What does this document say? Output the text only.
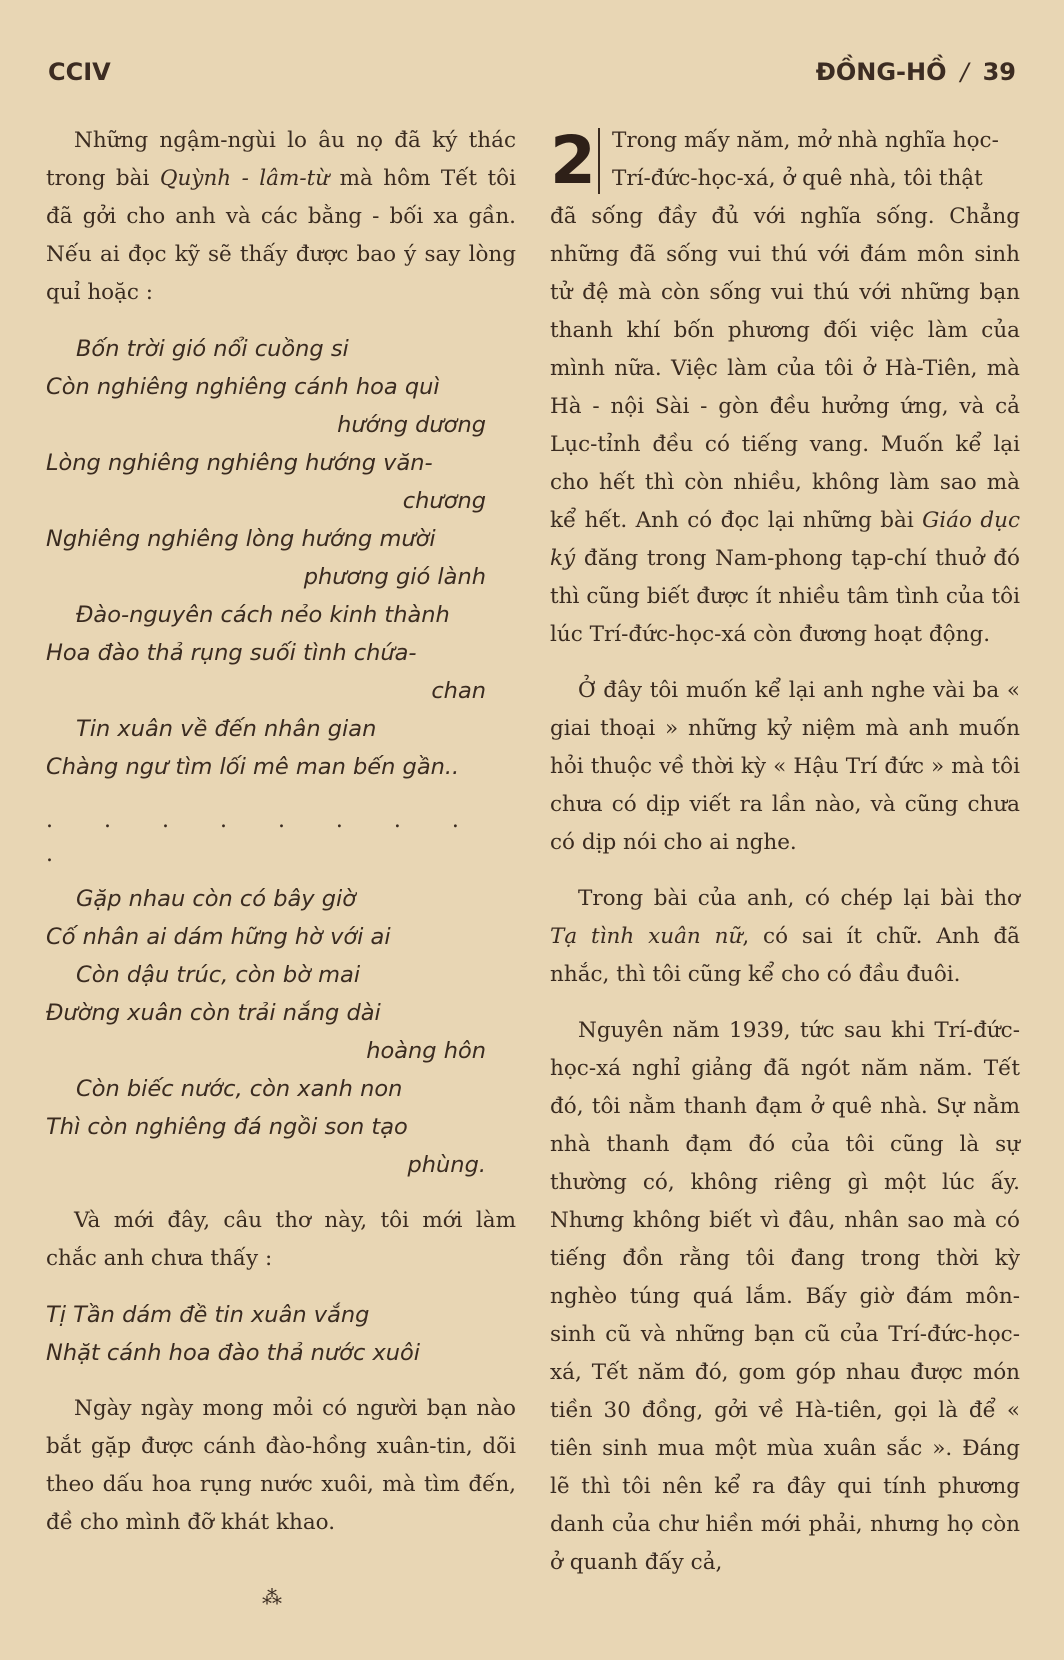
CCIV	ĐỒNG-HỒ / 39

Những ngậm-ngùi lo âu nọ đã ký thác trong bài Quỳnh - lâm-từ mà hôm Tết tôi đã gởi cho anh và các bằng - bối xa gần. Nếu ai đọc kỹ sẽ thấy được bao ý say lòng quỉ hoặc :

Bốn trời gió nổi cuồng si
Còn nghiêng nghiêng cánh hoa quì
hướng dương
Lòng nghiêng nghiêng hướng văn-
chương
Nghiêng nghiêng lòng hướng mười
phương gió lành
Đào-nguyên cách nẻo kinh thành
Hoa đào thả rụng suối tình chứa-
chan
Tin xuân về đến nhân gian
Chàng ngư tìm lối mê man bến gần..
. . . . . . . . .
Gặp nhau còn có bây giờ
Cố nhân ai dám hững hờ với ai
Còn dậu trúc, còn bờ mai
Đường xuân còn trải nắng dài
hoàng hôn
Còn biếc nước, còn xanh non
Thì còn nghiêng đá ngồi son tạo
phùng.

Và mới đây, câu thơ này, tôi mới làm chắc anh chưa thấy :

Tị Tần dám đề tin xuân vắng
Nhặt cánh hoa đào thả nước xuôi

Ngày ngày mong mỏi có người bạn nào bắt gặp được cánh đào-hồng xuân-tin, dõi theo dấu hoa rụng nước xuôi, mà tìm đến, đề cho mình đỡ khát khao.

⁂
2 Trong mấy năm, mở nhà nghĩa học-

Trí-đức-học-xá, ở quê nhà, tôi thật

đã sống đầy đủ với nghĩa sống. Chẳng những đã sống vui thú với đám môn sinh tử đệ mà còn sống vui thú với những bạn thanh khí bốn phương đối việc làm của mình nữa. Việc làm của tôi ở Hà-Tiên, mà Hà - nội Sài - gòn đều hưởng ứng, và cả Lục-tỉnh đều có tiếng vang. Muốn kể lại cho hết thì còn nhiều, không làm sao mà kể hết. Anh có đọc lại những bài Giáo dục ký đăng trong Nam-phong tạp-chí thuở đó thì cũng biết được ít nhiều tâm tình của tôi lúc Trí-đức-học-xá còn đương hoạt động.

Ở đây tôi muốn kể lại anh nghe vài ba « giai thoại » những kỷ niệm mà anh muốn hỏi thuộc về thời kỳ « Hậu Trí đức » mà tôi chưa có dịp viết ra lần nào, và cũng chưa có dịp nói cho ai nghe.

Trong bài của anh, có chép lại bài thơ Tạ tình xuân nữ, có sai ít chữ. Anh đã nhắc, thì tôi cũng kể cho có đầu đuôi.

Nguyên năm 1939, tức sau khi Trí-đức-học-xá nghỉ giảng đã ngót năm năm. Tết đó, tôi nằm thanh đạm ở quê nhà. Sự nằm nhà thanh đạm đó của tôi cũng là sự thường có, không riêng gì một lúc ấy. Nhưng không biết vì đâu, nhân sao mà có tiếng đồn rằng tôi đang trong thời kỳ nghèo túng quá lắm. Bấy giờ đám môn-sinh cũ và những bạn cũ của Trí-đức-học-xá, Tết năm đó, gom góp nhau được món tiền 30 đồng, gởi về Hà-tiên, gọi là để « tiên sinh mua một mùa xuân sắc ». Đáng lẽ thì tôi nên kể ra đây qui tính phương danh của chư hiền mới phải, nhưng họ còn ở quanh đấy cả,
